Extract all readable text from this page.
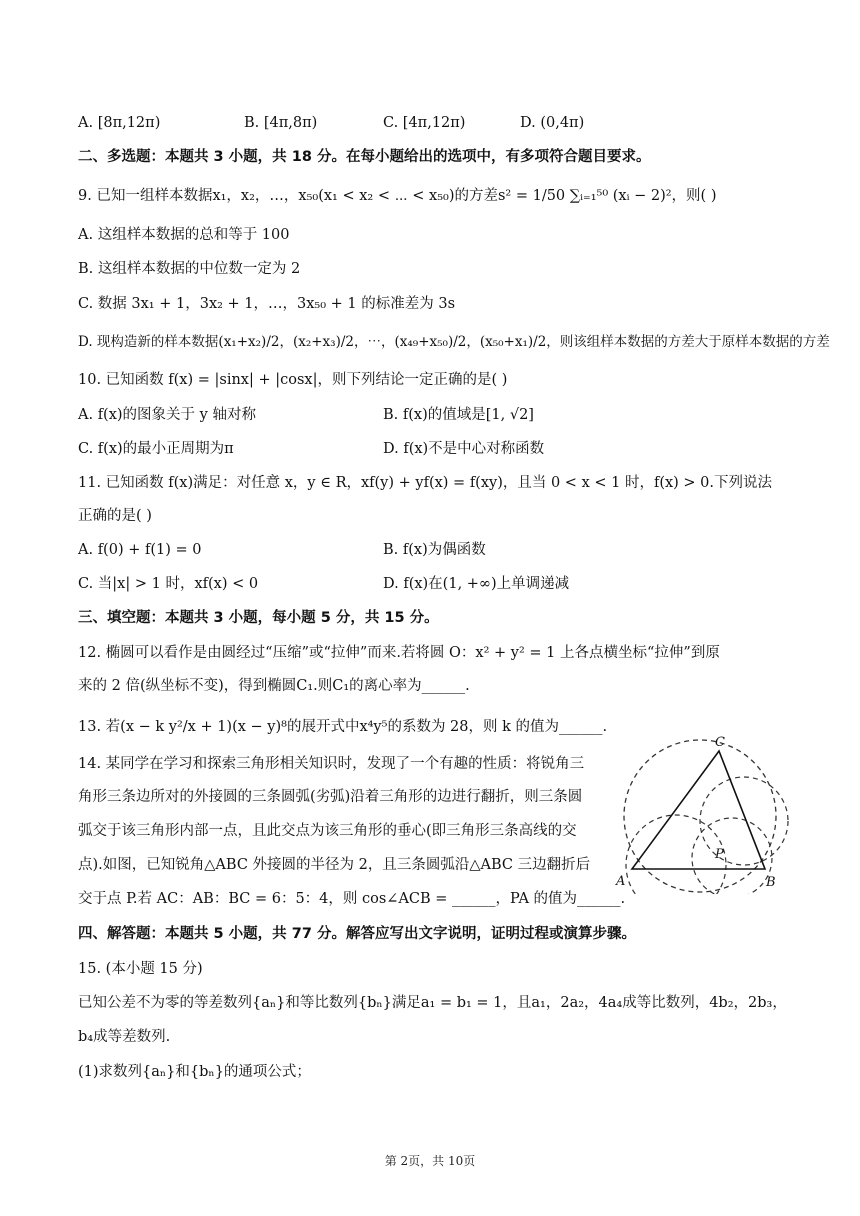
A. [8π,12π)	B. [4π,8π)	C. [4π,12π)	D. (0,4π)
二、多选题：本题共 3 小题，共 18 分。在每小题给出的选项中，有多项符合题目要求。
9. 已知一组样本数据x₁，x₂，…，x₅₀(x₁ < x₂ < ⋯ < x₅₀)的方差s² = 1/50 ∑ᵢ₌₁⁵⁰ (xᵢ − 2)²，则( )
A. 这组样本数据的总和等于 100
B. 这组样本数据的中位数一定为 2
C. 数据 3x₁ + 1，3x₂ + 1，…，3x₅₀ + 1 的标准差为 3s
D. 现构造新的样本数据(x₁+x₂)/2，(x₂+x₃)/2，⋯，(x₄₉+x₅₀)/2，(x₅₀+x₁)/2，则该组样本数据的方差大于原样本数据的方差
10. 已知函数 f(x) = |sinx| + |cosx|，则下列结论一定正确的是( )
A. f(x)的图象关于 y 轴对称	B. f(x)的值域是[1, √2]
C. f(x)的最小正周期为π	D. f(x)不是中心对称函数
11. 已知函数 f(x)满足：对任意 x，y ∈ R，xf(y) + yf(x) = f(xy)，且当 0 < x < 1 时，f(x) > 0.下列说法
正确的是( )
A. f(0) + f(1) = 0	B. f(x)为偶函数
C. 当|x| > 1 时，xf(x) < 0	D. f(x)在(1, +∞)上单调递减
三、填空题：本题共 3 小题，每小题 5 分，共 15 分。
12. 椭圆可以看作是由圆经过“压缩”或“拉伸”而来.若将圆 O：x² + y² = 1 上各点横坐标“拉伸”到原
来的 2 倍(纵坐标不变)，得到椭圆C₁.则C₁的离心率为______.
13. 若(x − k y²/x + 1)(x − y)⁸的展开式中x⁴y⁵的系数为 28，则 k 的值为______.
14. 某同学在学习和探索三角形相关知识时，发现了一个有趣的性质：将锐角三
角形三条边所对的外接圆的三条圆弧(劣弧)沿着三角形的边进行翻折，则三条圆
弧交于该三角形内部一点，且此交点为该三角形的垂心(即三角形三条高线的交
点).如图，已知锐角△ABC 外接圆的半径为 2，且三条圆弧沿△ABC 三边翻折后
交于点 P.若 AC：AB：BC = 6：5：4，则 cos∠ACB = ______，PA 的值为______.
A	B
C
P
四、解答题：本题共 5 小题，共 77 分。解答应写出文字说明，证明过程或演算步骤。
15. (本小题 15 分)
已知公差不为零的等差数列{aₙ}和等比数列{bₙ}满足a₁ = b₁ = 1，且a₁，2a₂，4a₄成等比数列，4b₂，2b₃，
b₄成等差数列.
(1)求数列{aₙ}和{bₙ}的通项公式；
第 2页，共 10页
